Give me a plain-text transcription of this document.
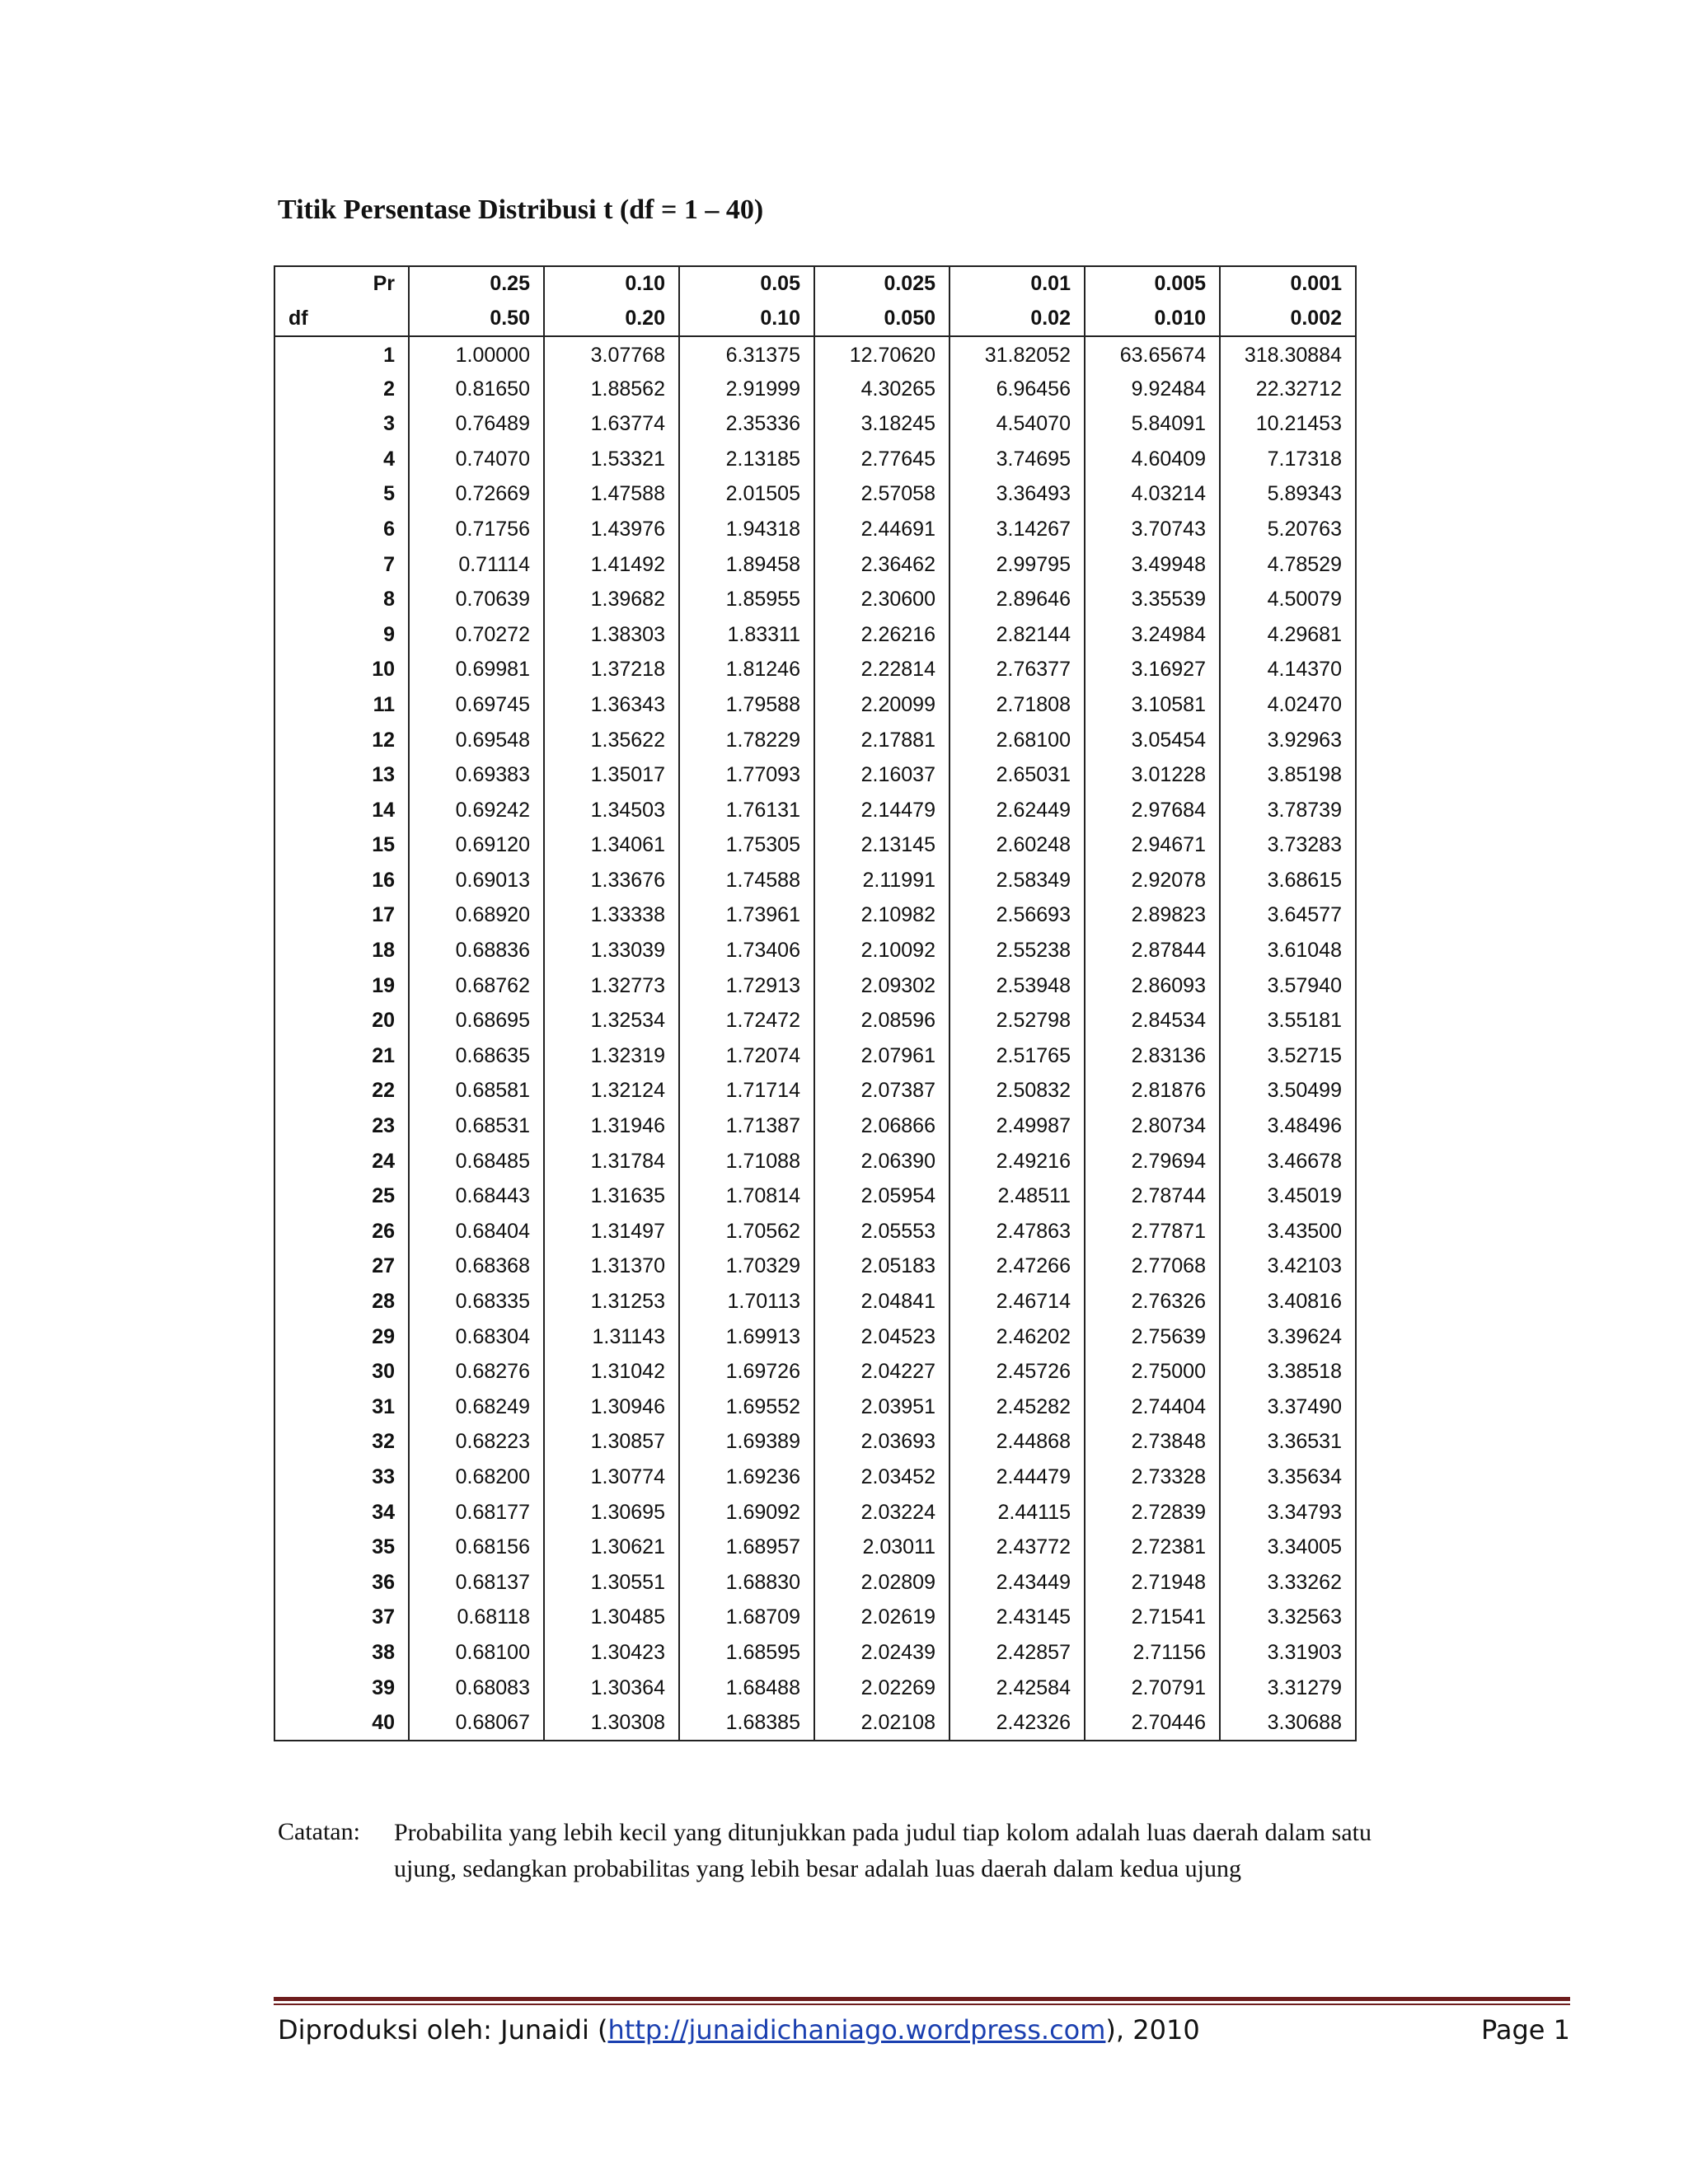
Titik Persentase Distribusi t (df = 1 – 40)
Pr	0.25	0.10	0.05	0.025	0.01	0.005	0.001
df	0.50	0.20	0.10	0.050	0.02	0.010	0.002
1	1.00000	3.07768	6.31375	12.70620	31.82052	63.65674	318.30884
2	0.81650	1.88562	2.91999	4.30265	6.96456	9.92484	22.32712
3	0.76489	1.63774	2.35336	3.18245	4.54070	5.84091	10.21453
4	0.74070	1.53321	2.13185	2.77645	3.74695	4.60409	7.17318
5	0.72669	1.47588	2.01505	2.57058	3.36493	4.03214	5.89343
6	0.71756	1.43976	1.94318	2.44691	3.14267	3.70743	5.20763
7	0.71114	1.41492	1.89458	2.36462	2.99795	3.49948	4.78529
8	0.70639	1.39682	1.85955	2.30600	2.89646	3.35539	4.50079
9	0.70272	1.38303	1.83311	2.26216	2.82144	3.24984	4.29681
10	0.69981	1.37218	1.81246	2.22814	2.76377	3.16927	4.14370
11	0.69745	1.36343	1.79588	2.20099	2.71808	3.10581	4.02470
12	0.69548	1.35622	1.78229	2.17881	2.68100	3.05454	3.92963
13	0.69383	1.35017	1.77093	2.16037	2.65031	3.01228	3.85198
14	0.69242	1.34503	1.76131	2.14479	2.62449	2.97684	3.78739
15	0.69120	1.34061	1.75305	2.13145	2.60248	2.94671	3.73283
16	0.69013	1.33676	1.74588	2.11991	2.58349	2.92078	3.68615
17	0.68920	1.33338	1.73961	2.10982	2.56693	2.89823	3.64577
18	0.68836	1.33039	1.73406	2.10092	2.55238	2.87844	3.61048
19	0.68762	1.32773	1.72913	2.09302	2.53948	2.86093	3.57940
20	0.68695	1.32534	1.72472	2.08596	2.52798	2.84534	3.55181
21	0.68635	1.32319	1.72074	2.07961	2.51765	2.83136	3.52715
22	0.68581	1.32124	1.71714	2.07387	2.50832	2.81876	3.50499
23	0.68531	1.31946	1.71387	2.06866	2.49987	2.80734	3.48496
24	0.68485	1.31784	1.71088	2.06390	2.49216	2.79694	3.46678
25	0.68443	1.31635	1.70814	2.05954	2.48511	2.78744	3.45019
26	0.68404	1.31497	1.70562	2.05553	2.47863	2.77871	3.43500
27	0.68368	1.31370	1.70329	2.05183	2.47266	2.77068	3.42103
28	0.68335	1.31253	1.70113	2.04841	2.46714	2.76326	3.40816
29	0.68304	1.31143	1.69913	2.04523	2.46202	2.75639	3.39624
30	0.68276	1.31042	1.69726	2.04227	2.45726	2.75000	3.38518
31	0.68249	1.30946	1.69552	2.03951	2.45282	2.74404	3.37490
32	0.68223	1.30857	1.69389	2.03693	2.44868	2.73848	3.36531
33	0.68200	1.30774	1.69236	2.03452	2.44479	2.73328	3.35634
34	0.68177	1.30695	1.69092	2.03224	2.44115	2.72839	3.34793
35	0.68156	1.30621	1.68957	2.03011	2.43772	2.72381	3.34005
36	0.68137	1.30551	1.68830	2.02809	2.43449	2.71948	3.33262
37	0.68118	1.30485	1.68709	2.02619	2.43145	2.71541	3.32563
38	0.68100	1.30423	1.68595	2.02439	2.42857	2.71156	3.31903
39	0.68083	1.30364	1.68488	2.02269	2.42584	2.70791	3.31279
40	0.68067	1.30308	1.68385	2.02108	2.42326	2.70446	3.30688
Catatan: Probabilita yang lebih kecil yang ditunjukkan pada judul tiap kolom adalah luas daerah dalam satu ujung, sedangkan probabilitas yang lebih besar adalah luas daerah dalam kedua ujung

Diproduksi oleh: Junaidi (http://junaidichaniago.wordpress.com), 2010	Page 1
